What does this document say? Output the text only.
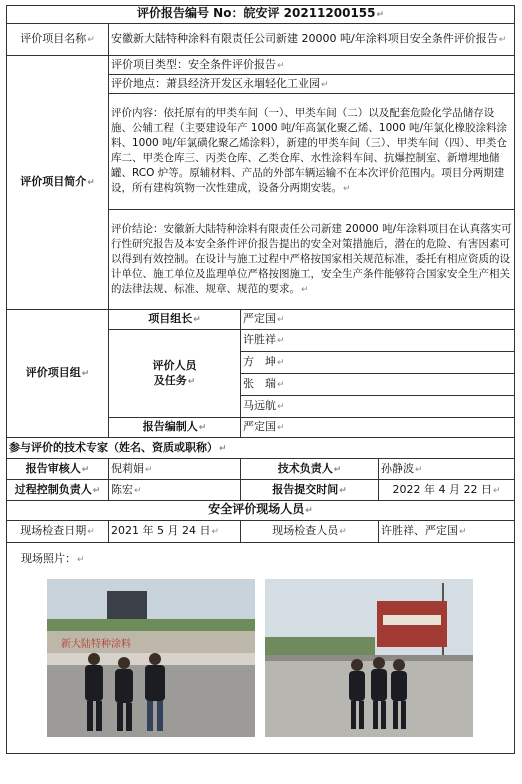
评价报告编号 No：皖安评 20211200155↵			
评价项目名称↵	安徽新大陆特种涂料有限责任公司新建 20000 吨/年涂料项目安全条件评价报告↵		
评价项目简介↵	评价项目类型：安全条件评价报告↵		
	评价地点：萧县经济开发区永堌轻化工业园↵		
	评价内容：依托原有的甲类车间（一）、甲类车间（二）以及配套危险化学品储存设施、公辅工程（主要建设年产 1000 吨/年高氯化聚乙烯、1000 吨/年氯化橡胶涂料涂料、1000 吨/年氯磺化聚乙烯涂料），新建的甲类车间（三）、甲类车间（四）、甲类仓库二、甲类仓库三、丙类仓库、乙类仓库、水性涂料车间、抗爆控制室、新增埋地储罐、RCO 炉等。原辅材料、产品的外部车辆运输不在本次评价范围内。项目分两期建设，所有建构筑物一次性建成，设备分两期安装。↵		
	评价结论：安徽新大陆特种涂料有限责任公司新建 20000 吨/年涂料项目在认真落实可行性研究报告及本安全条件评价报告提出的安全对策措施后，潜在的危险、有害因素可以得到有效控制。在设计与施工过程中严格按国家相关规范标准，委托有相应资质的设计单位、施工单位及监理单位严格按图施工，安全生产条件能够符合国家安全生产相关的法律法规、标准、规章、规范的要求。↵		
评价项目组↵	项目组长↵	严定国↵	
	评价人员
及任务↵	许胜祥↵	
		方　坤↵	
		张　瑞↵	
		马远航↵	
	报告编制人↵	严定国↵	
参与评价的技术专家（姓名、资质或职称）↵			
报告审核人↵	倪莉娟↵	技术负责人↵	孙静波↵
过程控制负责人↵	陈宏↵	报告提交时间↵	2022 年 4 月 22 日↵
安全评价现场人员↵			
现场检查日期↵	2021 年 5 月 24 日↵	现场检查人员↵	许胜祥、严定国↵

现场照片：↵
新大陆特种涂料			
